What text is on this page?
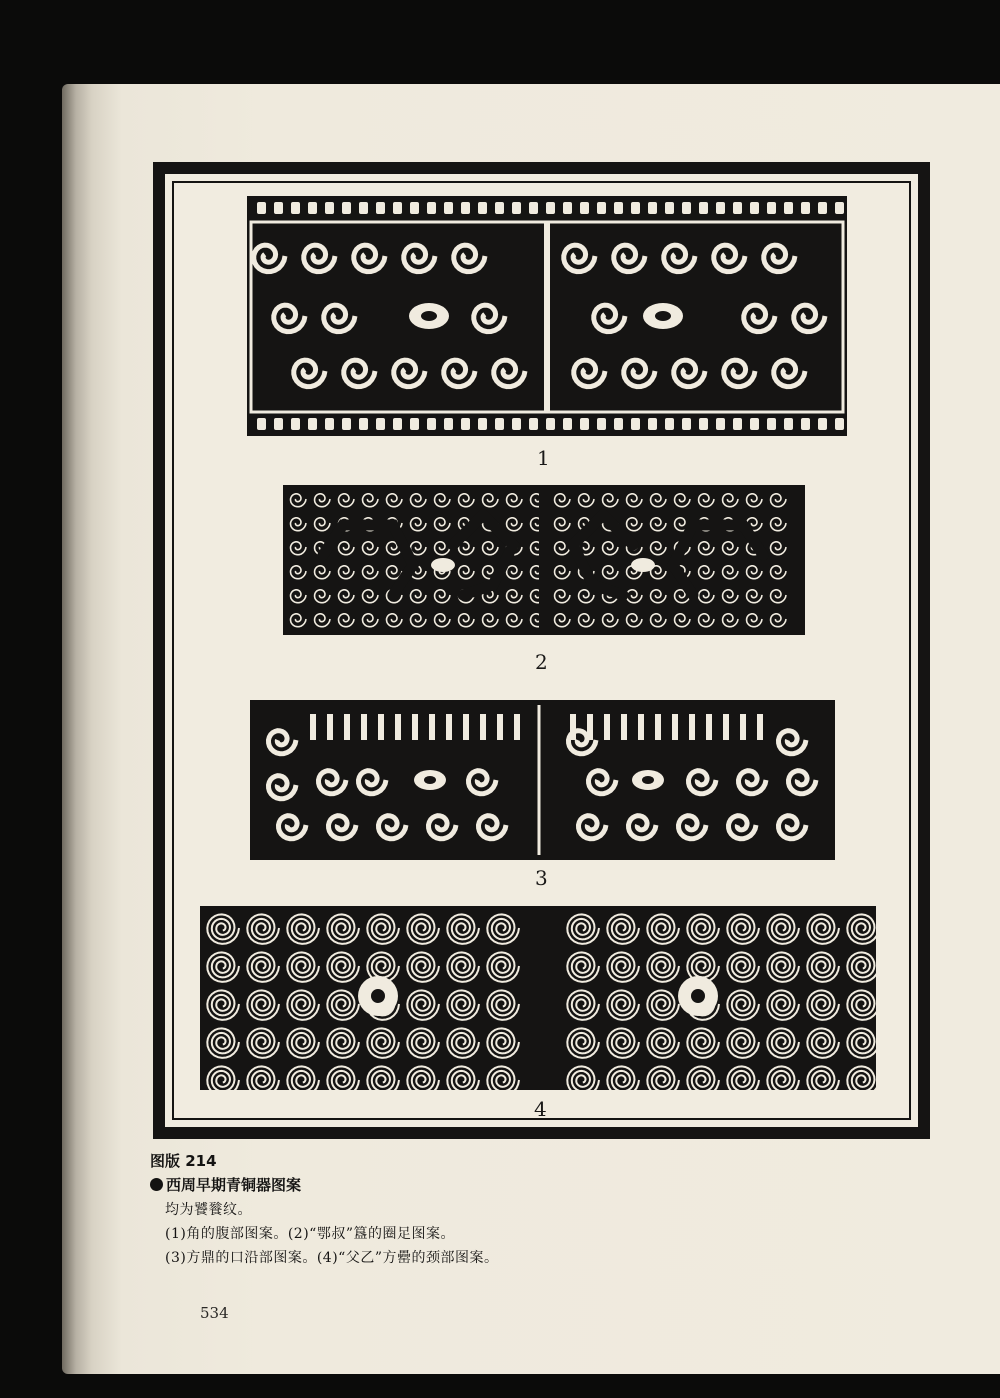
1
2
3
4
图版 214
西周早期青铜器图案
均为饕餮纹。
(1)角的腹部图案。(2)“鄂叔”簋的圈足图案。
(3)方鼎的口沿部图案。(4)“父乙”方罍的颈部图案。
534
